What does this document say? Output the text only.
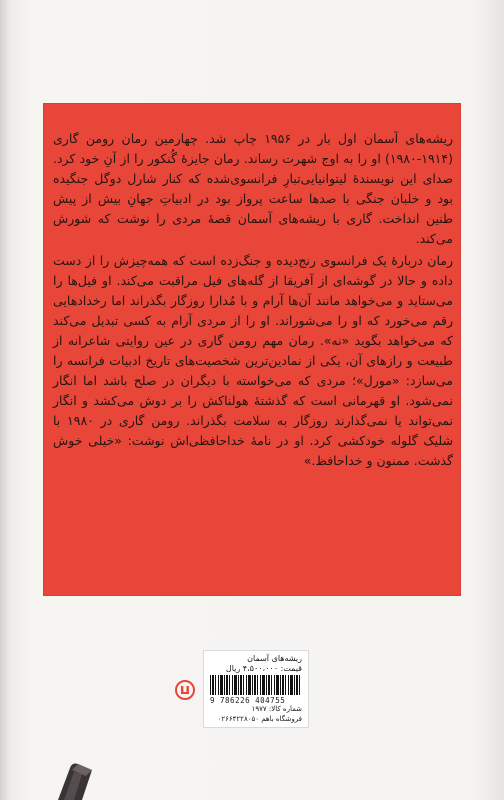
ریشه‌های آسمان اول بار در ۱۹۵۶ چاپ شد. چهارمین رمان رومن گاری (۱۹۱۴-۱۹۸۰) او را به اوج شهرت رساند. رمان جایزهٔ گُنکور را از آنِ خود کرد. صدای این نویسندهٔ لیتوانیایی‌تبارِ فرانسوی‌شده که کنار شارل دوگل جنگیده بود و خلبان جنگی با صدها ساعت پرواز بود در ادبیاتِ جهانِ بیش از پیش طنین انداخت. گاری با ریشه‌های آسمان قصهٔ مردی را نوشت که شورش می‌کند.

رمان دربارهٔ یک فرانسوی رنج‌دیده و جنگ‌زده است که همه‌چیزش را از دست داده و حالا در گوشه‌ای از آفریقا از گله‌های فیل مراقبت می‌کند. او فیل‌ها را می‌ستاید و می‌خواهد مانند آن‌ها آرام و با مُدارا روزگار بگذراند اما رخدادهایی رقم می‌خورد که او را می‌شوراند. او را از مردی آرام به کسی تبدیل می‌کند که می‌خواهد بگوید «نه». رمان مهم رومن گاری در عین روایتی شاعرانه از طبیعت و رازهای آن، یکی از نمادین‌ترین شخصیت‌های تاریخ ادبیات فرانسه را می‌سازد: «مورل»؛ مردی که می‌خواسته با دیگران در صلح باشد اما انگار نمی‌شود. او قهرمانی است که گذشتهٔ هولناکش را بر دوش می‌کشد و انگار نمی‌تواند یا نمی‌گذارند روزگار به سلامت بگذراند. رومن گاری در ۱۹۸۰ با شلیک گلوله خودکشی کرد. او در نامهٔ خداحافظی‌اش نوشت: «خیلی خوش گذشت. ممنون و خداحافظ.»

ریشه‌های آسمان
قیمت: ۴،۵۰۰،۰۰۰ ریال
9 786226 404755
شماره کالا: ۱۹۷۷
فروشگاه باهم ۰۲۶۶۴۲۲۸۰۵۰
